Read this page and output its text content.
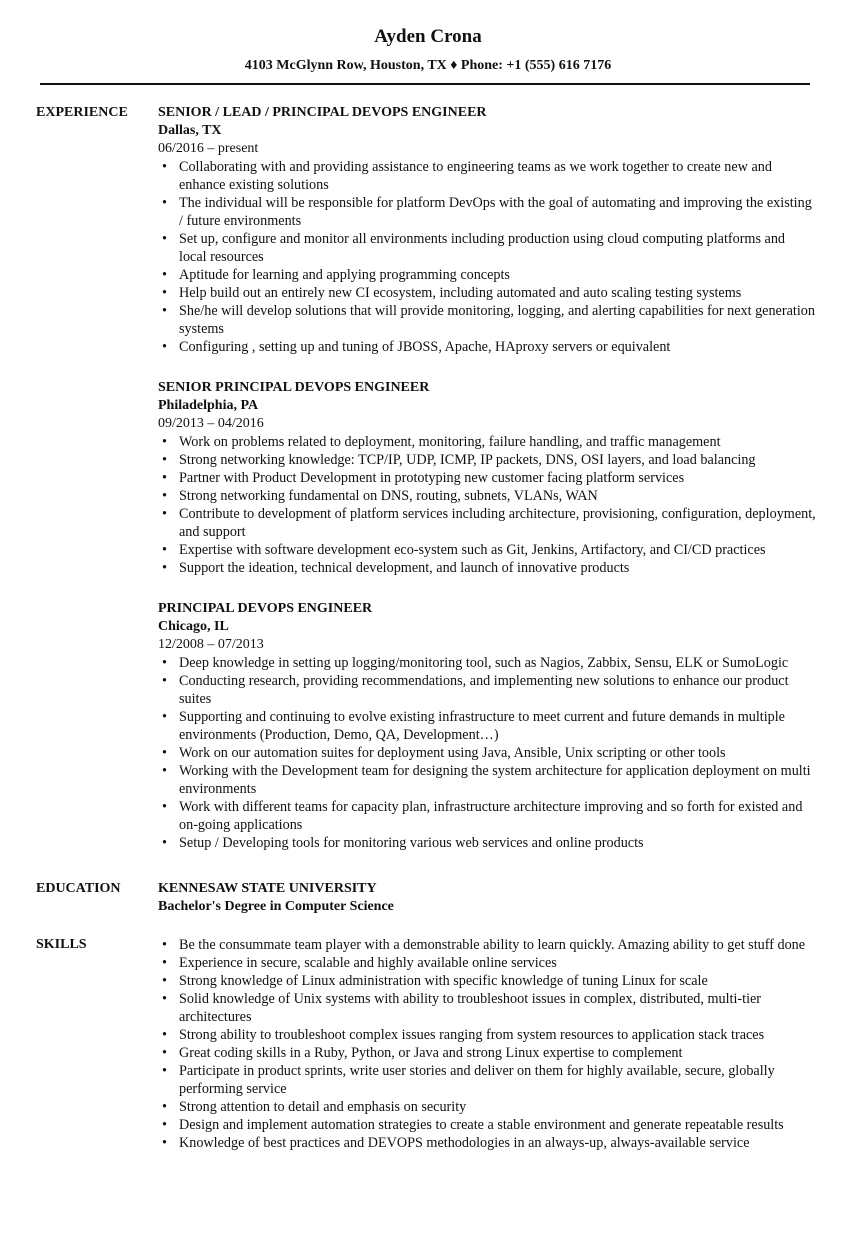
Ayden Crona
4103 McGlynn Row, Houston, TX ♦ Phone: +1 (555) 616 7176
EXPERIENCE	SENIOR / LEAD / PRINCIPAL DEVOPS ENGINEER
Dallas, TX
06/2016 – present
• Collaborating with and providing assistance to engineering teams as we work together to create new and enhance existing solutions
• The individual will be responsible for platform DevOps with the goal of automating and improving the existing / future environments
• Set up, configure and monitor all environments including production using cloud computing platforms and local resources
• Aptitude for learning and applying programming concepts
• Help build out an entirely new CI ecosystem, including automated and auto scaling testing systems
• She/he will develop solutions that will provide monitoring, logging, and alerting capabilities for next generation systems
• Configuring , setting up and tuning of JBOSS, Apache, HAproxy servers or equivalent
SENIOR PRINCIPAL DEVOPS ENGINEER
Philadelphia, PA
09/2013 – 04/2016
• Work on problems related to deployment, monitoring, failure handling, and traffic management
• Strong networking knowledge: TCP/IP, UDP, ICMP, IP packets, DNS, OSI layers, and load balancing
• Partner with Product Development in prototyping new customer facing platform services
• Strong networking fundamental on DNS, routing, subnets, VLANs, WAN
• Contribute to development of platform services including architecture, provisioning, configuration, deployment, and support
• Expertise with software development eco-system such as Git, Jenkins, Artifactory, and CI/CD practices
• Support the ideation, technical development, and launch of innovative products
PRINCIPAL DEVOPS ENGINEER
Chicago, IL
12/2008 – 07/2013
• Deep knowledge in setting up logging/monitoring tool, such as Nagios, Zabbix, Sensu, ELK or SumoLogic
• Conducting research, providing recommendations, and implementing new solutions to enhance our product suites
• Supporting and continuing to evolve existing infrastructure to meet current and future demands in multiple environments (Production, Demo, QA, Development…)
• Work on our automation suites for deployment using Java, Ansible, Unix scripting or other tools
• Working with the Development team for designing the system architecture for application deployment on multi environments
• Work with different teams for capacity plan, infrastructure architecture improving and so forth for existed and on-going applications
• Setup / Developing tools for monitoring various web services and online products
EDUCATION	KENNESAW STATE UNIVERSITY
Bachelor's Degree in Computer Science
SKILLS	• Be the consummate team player with a demonstrable ability to learn quickly. Amazing ability to get stuff done
• Experience in secure, scalable and highly available online services
• Strong knowledge of Linux administration with specific knowledge of tuning Linux for scale
• Solid knowledge of Unix systems with ability to troubleshoot issues in complex, distributed, multi-tier architectures
• Strong ability to troubleshoot complex issues ranging from system resources to application stack traces
• Great coding skills in a Ruby, Python, or Java and strong Linux expertise to complement
• Participate in product sprints, write user stories and deliver on them for highly available, secure, globally performing service
• Strong attention to detail and emphasis on security
• Design and implement automation strategies to create a stable environment and generate repeatable results
• Knowledge of best practices and DEVOPS methodologies in an always-up, always-available service
